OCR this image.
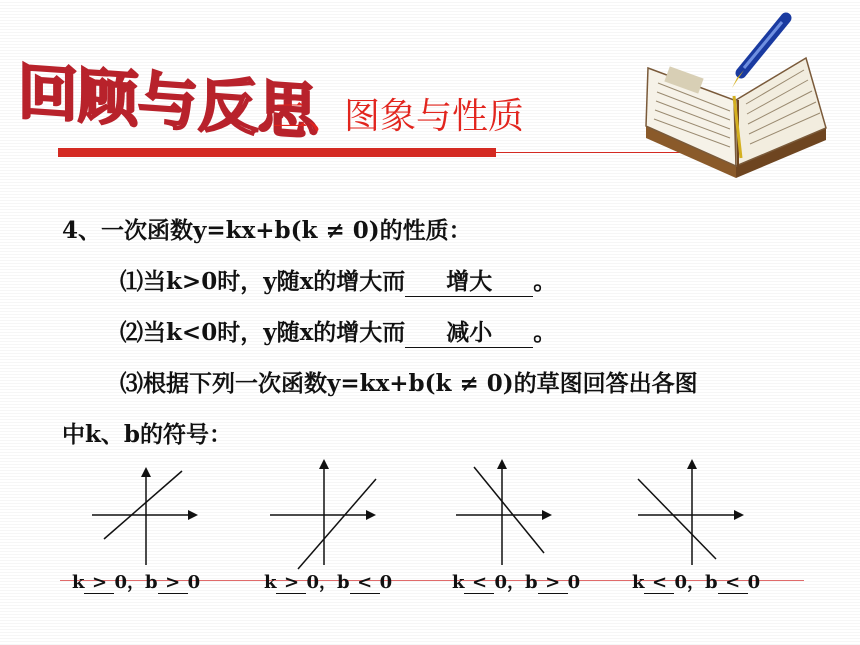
回顾与反思
二、图象与性质
4、一次函数y=kx+b(k ≠ 0)的性质：
⑴当k>0时，y随x的增大而 增大 。
⑵当k<0时，y随x的增大而 减小 。
⑶根据下列一次函数y=kx+b(k ≠ 0)的草图回答出各图
中k、b的符号：
k > 0，b > 0	k > 0，b < 0	k < 0，b > 0	k < 0，b < 0
